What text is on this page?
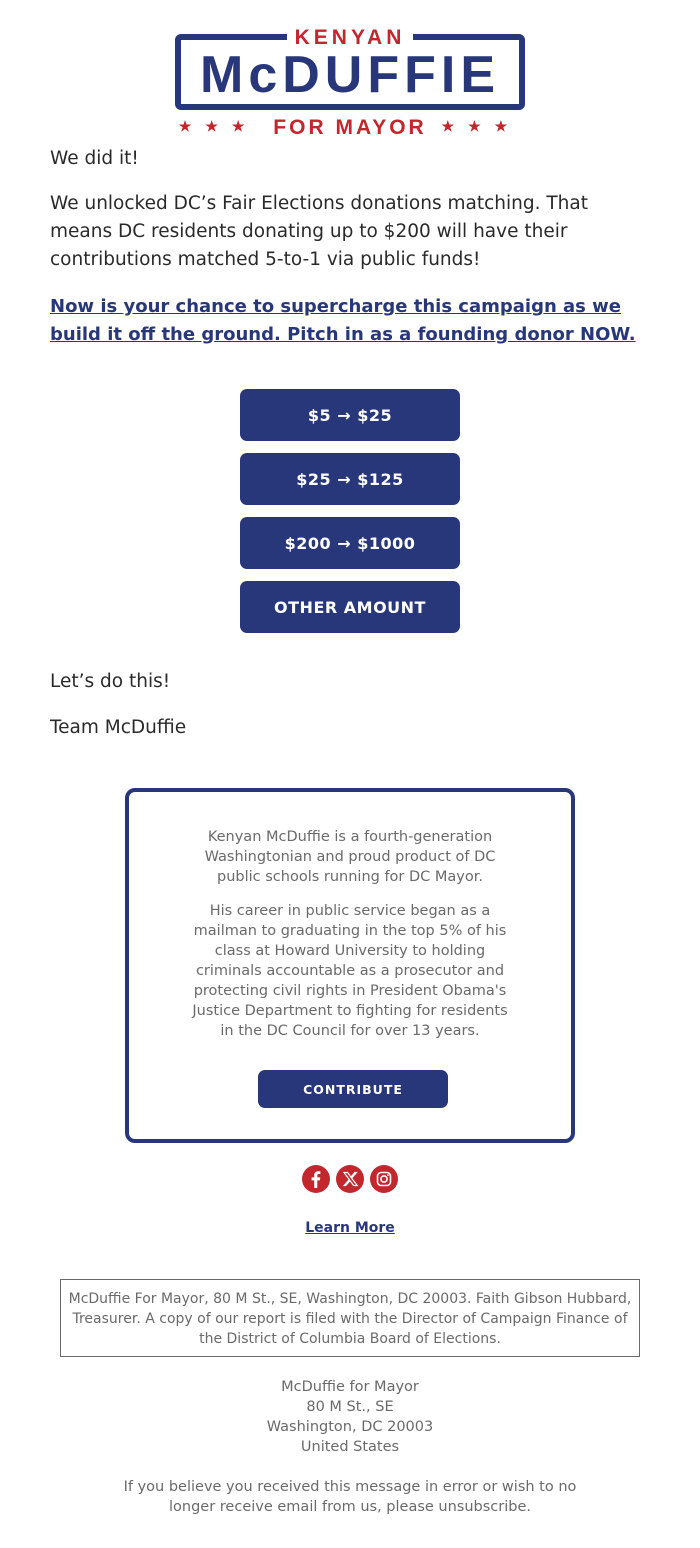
KENYAN
McDUFFIE
★★★ FOR MAYOR ★★★
We did it!
We unlocked DC’s Fair Elections donations matching. That means DC residents donating up to $200 will have their contributions matched 5-to-1 via public funds!
Now is your chance to supercharge this campaign as we build it off the ground. Pitch in as a founding donor NOW.
$5 → $25
$25 → $125
$200 → $1000
OTHER AMOUNT
Let’s do this!
Team McDuffie

Kenyan McDuffie is a fourth-generation Washingtonian and proud product of DC public schools running for DC Mayor.

His career in public service began as a mailman to graduating in the top 5% of his class at Howard University to holding criminals accountable as a prosecutor and protecting civil rights in President Obama's Justice Department to fighting for residents in the DC Council for over 13 years.

CONTRIBUTE
Learn More
McDuffie For Mayor, 80 M St., SE, Washington, DC 20003. Faith Gibson Hubbard, Treasurer. A copy of our report is filed with the Director of Campaign Finance of the District of Columbia Board of Elections.
McDuffie for Mayor
80 M St., SE
Washington, DC 20003
United States
If you believe you received this message in error or wish to no longer receive email from us, please unsubscribe.
